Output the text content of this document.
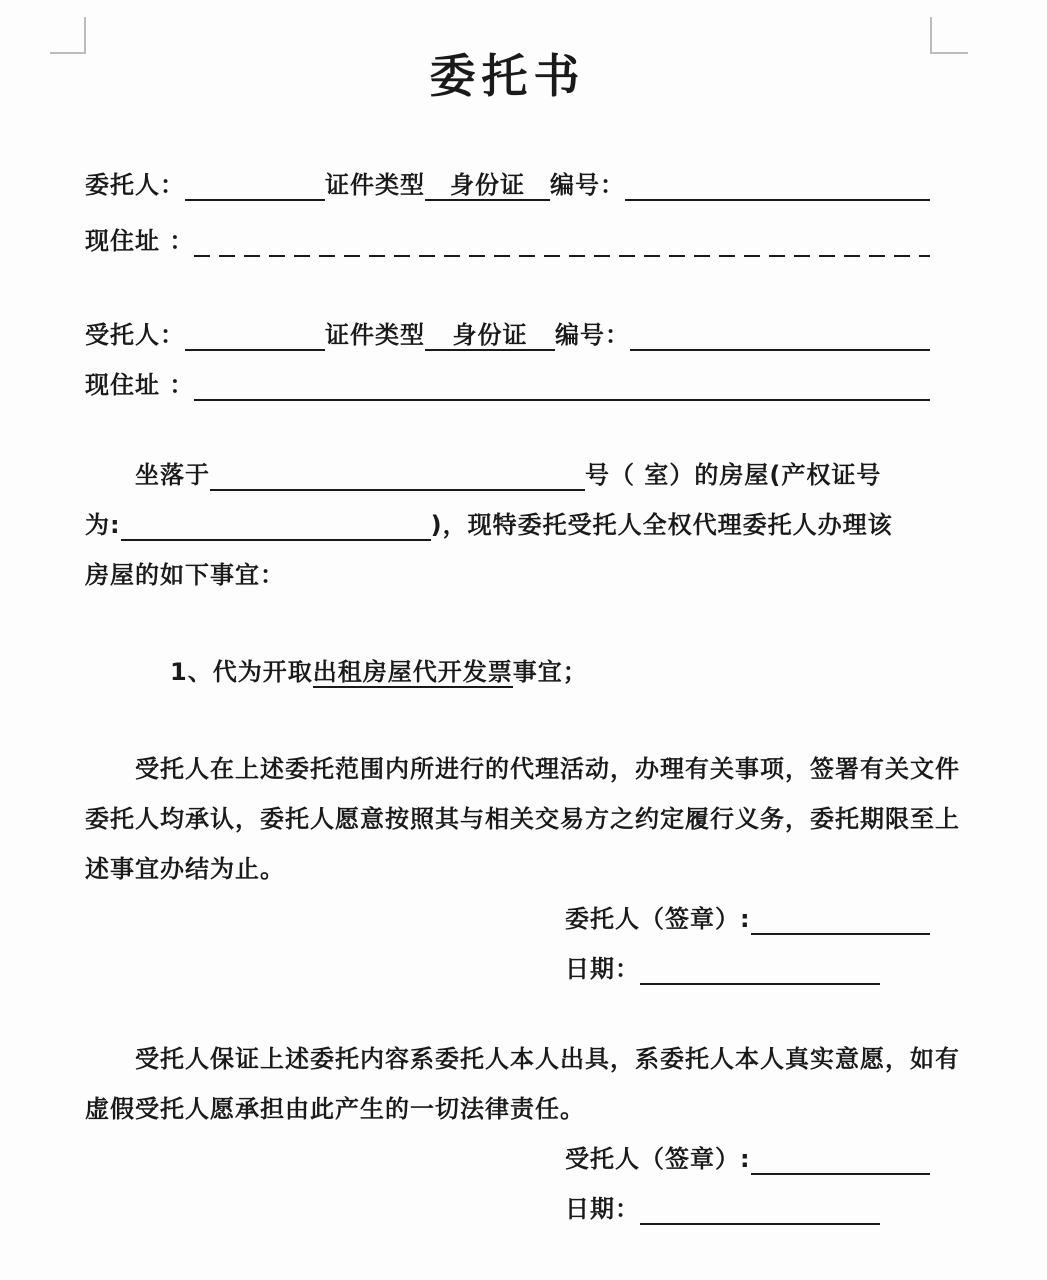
委托书
委托人：	证件类型	身份证	编号：
现住址 ：
受托人：	证件类型	身份证	编号：
现住址 ：
坐落于	号（ 室）的房屋(产权证号
为:	)，现特委托受托人全权代理委托人办理该
房屋的如下事宜：
1、代为开取 出租房屋代开发票 事宜；
受托人在上述委托范围内所进行的代理活动，办理有关事项，签署有关文件
委托人均承认，委托人愿意按照其与相关交易方之约定履行义务，委托期限至上
述事宜办结为止。
委托人（签章）:
日期：
受托人保证上述委托内容系委托人本人出具，系委托人本人真实意愿，如有
虚假受托人愿承担由此产生的一切法律责任。
受托人（签章）:
日期：
